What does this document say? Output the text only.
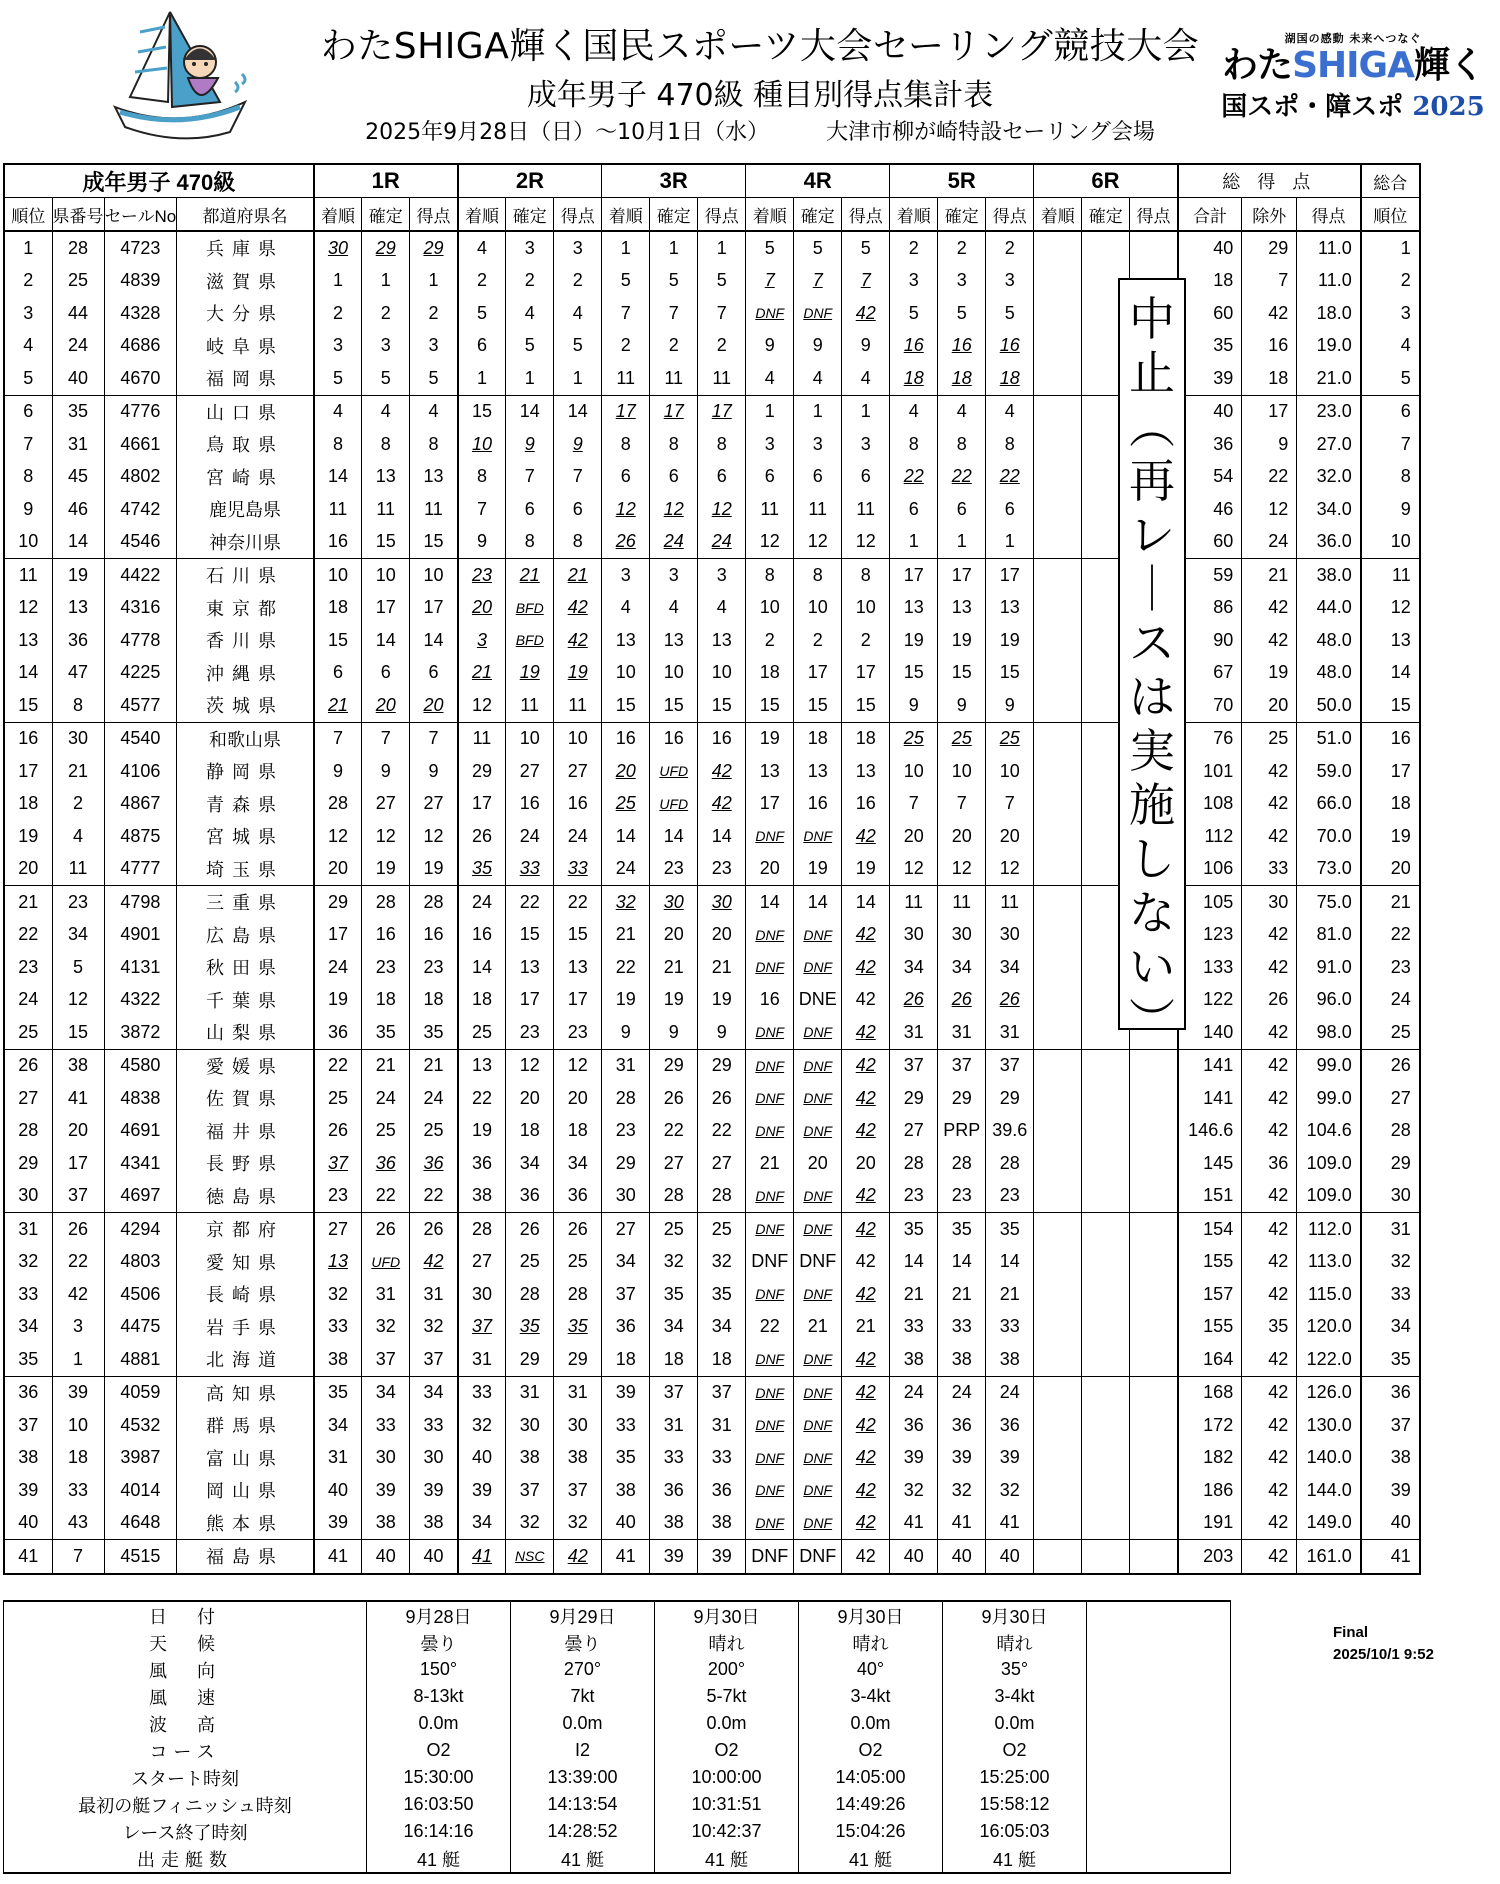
わたSHIGA輝く国民スポーツ大会セーリング競技大会
成年男子 470級 種目別得点集計表
2025年9月28日（日）～10月1日（水）	大津市柳が崎特設セーリング会場
湖国の感動 未来へつなぐ
わたSHIGA輝く
国スポ・障スポ 2025
成年男子 470級				1R			2R			3R			4R			5R			6R			総 得 点			総合
順位	県番号	セールNo	都道府県名	着順	確定	得点	着順	確定	得点	着順	確定	得点	着順	確定	得点	着順	確定	得点	着順	確定	得点	合計	除外	得点	順位
1	28	4723	兵庫県	30	29	29	4	3	3	1	1	1	5	5	5	2	2	2				40	29	11.0	1
2	25	4839	滋賀県	1	1	1	2	2	2	5	5	5	7	7	7	3	3	3				18	7	11.0	2
3	44	4328	大分県	2	2	2	5	4	4	7	7	7	DNF	DNF	42	5	5	5				60	42	18.0	3
4	24	4686	岐阜県	3	3	3	6	5	5	2	2	2	9	9	9	16	16	16				35	16	19.0	4
5	40	4670	福岡県	5	5	5	1	1	1	11	11	11	4	4	4	18	18	18				39	18	21.0	5
6	35	4776	山口県	4	4	4	15	14	14	17	17	17	1	1	1	4	4	4				40	17	23.0	6
7	31	4661	鳥取県	8	8	8	10	9	9	8	8	8	3	3	3	8	8	8				36	9	27.0	7
8	45	4802	宮崎県	14	13	13	8	7	7	6	6	6	6	6	6	22	22	22				54	22	32.0	8
9	46	4742	鹿児島県	11	11	11	7	6	6	12	12	12	11	11	11	6	6	6				46	12	34.0	9
10	14	4546	神奈川県	16	15	15	9	8	8	26	24	24	12	12	12	1	1	1				60	24	36.0	10
11	19	4422	石川県	10	10	10	23	21	21	3	3	3	8	8	8	17	17	17				59	21	38.0	11
12	13	4316	東京都	18	17	17	20	BFD	42	4	4	4	10	10	10	13	13	13				86	42	44.0	12
13	36	4778	香川県	15	14	14	3	BFD	42	13	13	13	2	2	2	19	19	19				90	42	48.0	13
14	47	4225	沖縄県	6	6	6	21	19	19	10	10	10	18	17	17	15	15	15				67	19	48.0	14
15	8	4577	茨城県	21	20	20	12	11	11	15	15	15	15	15	15	9	9	9				70	20	50.0	15
16	30	4540	和歌山県	7	7	7	11	10	10	16	16	16	19	18	18	25	25	25				76	25	51.0	16
17	21	4106	静岡県	9	9	9	29	27	27	20	UFD	42	13	13	13	10	10	10				101	42	59.0	17
18	2	4867	青森県	28	27	27	17	16	16	25	UFD	42	17	16	16	7	7	7				108	42	66.0	18
19	4	4875	宮城県	12	12	12	26	24	24	14	14	14	DNF	DNF	42	20	20	20				112	42	70.0	19
20	11	4777	埼玉県	20	19	19	35	33	33	24	23	23	20	19	19	12	12	12				106	33	73.0	20
21	23	4798	三重県	29	28	28	24	22	22	32	30	30	14	14	14	11	11	11				105	30	75.0	21
22	34	4901	広島県	17	16	16	16	15	15	21	20	20	DNF	DNF	42	30	30	30				123	42	81.0	22
23	5	4131	秋田県	24	23	23	14	13	13	22	21	21	DNF	DNF	42	34	34	34				133	42	91.0	23
24	12	4322	千葉県	19	18	18	18	17	17	19	19	19	16	DNE	42	26	26	26				122	26	96.0	24
25	15	3872	山梨県	36	35	35	25	23	23	9	9	9	DNF	DNF	42	31	31	31				140	42	98.0	25
26	38	4580	愛媛県	22	21	21	13	12	12	31	29	29	DNF	DNF	42	37	37	37				141	42	99.0	26
27	41	4838	佐賀県	25	24	24	22	20	20	28	26	26	DNF	DNF	42	29	29	29				141	42	99.0	27
28	20	4691	福井県	26	25	25	19	18	18	23	22	22	DNF	DNF	42	27	PRP	39.6				146.6	42	104.6	28
29	17	4341	長野県	37	36	36	36	34	34	29	27	27	21	20	20	28	28	28				145	36	109.0	29
30	37	4697	徳島県	23	22	22	38	36	36	30	28	28	DNF	DNF	42	23	23	23				151	42	109.0	30
31	26	4294	京都府	27	26	26	28	26	26	27	25	25	DNF	DNF	42	35	35	35				154	42	112.0	31
32	22	4803	愛知県	13	UFD	42	27	25	25	34	32	32	DNF	DNF	42	14	14	14				155	42	113.0	32
33	42	4506	長崎県	32	31	31	30	28	28	37	35	35	DNF	DNF	42	21	21	21				157	42	115.0	33
34	3	4475	岩手県	33	32	32	37	35	35	36	34	34	22	21	21	33	33	33				155	35	120.0	34
35	1	4881	北海道	38	37	37	31	29	29	18	18	18	DNF	DNF	42	38	38	38				164	42	122.0	35
36	39	4059	高知県	35	34	34	33	31	31	39	37	37	DNF	DNF	42	24	24	24				168	42	126.0	36
37	10	4532	群馬県	34	33	33	32	30	30	33	31	31	DNF	DNF	42	36	36	36				172	42	130.0	37
38	18	3987	富山県	31	30	30	40	38	38	35	33	33	DNF	DNF	42	39	39	39				182	42	140.0	38
39	33	4014	岡山県	40	39	39	39	37	37	38	36	36	DNF	DNF	42	32	32	32				186	42	144.0	39
40	43	4648	熊本県	39	38	38	34	32	32	40	38	38	DNF	DNF	42	41	41	41				191	42	149.0	40
41	7	4515	福島県	41	40	40	41	NSC	42	41	39	39	DNF	DNF	42	40	40	40				203	42	161.0	41
中
止
︵
再
レ
｜
ス
は
実
施
し
な
い
︶
日　付	9月28日	9月29日	9月30日	9月30日	9月30日	
天　候	曇り	曇り	晴れ	晴れ	晴れ	
風　向	150°	270°	200°	40°	35°	
風　速	8-13kt	7kt	5-7kt	3-4kt	3-4kt	
波　高	0.0m	0.0m	0.0m	0.0m	0.0m	
コース	O2	I2	O2	O2	O2	
スタート時刻	15:30:00	13:39:00	10:00:00	14:05:00	15:25:00	
最初の艇フィニッシュ時刻	16:03:50	14:13:54	10:31:51	14:49:26	15:58:12	
レース終了時刻	16:14:16	14:28:52	10:42:37	15:04:26	16:05:03	
出走艇数	41 艇	41 艇	41 艇	41 艇	41 艇	
Final
2025/10/1 9:52
